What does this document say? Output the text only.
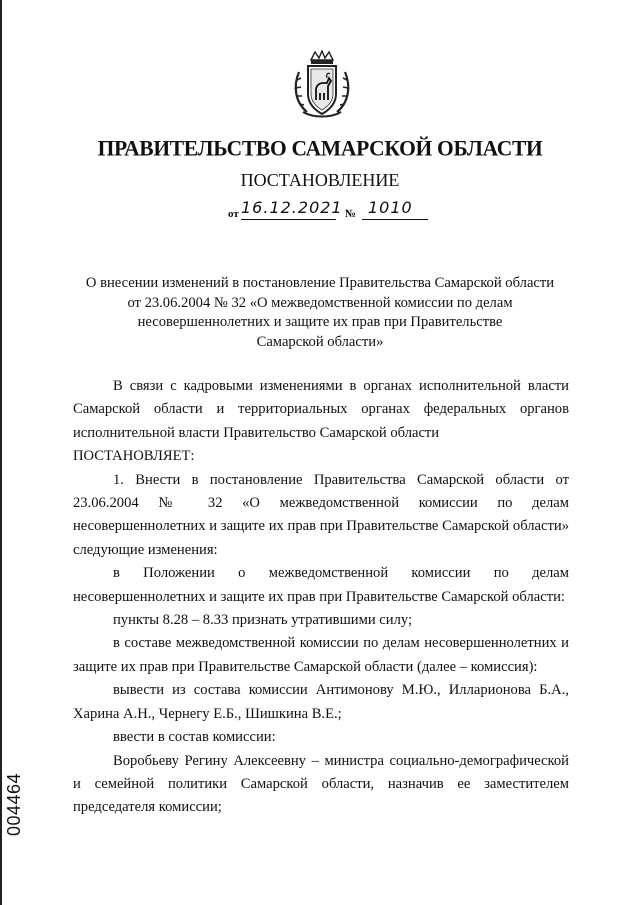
ПРАВИТЕЛЬСТВО САМАРСКОЙ ОБЛАСТИ
ПОСТАНОВЛЕНИЕ
от 16.12.2021 № 1010
О внесении изменений в постановление Правительства Самарской области
от 23.06.2004 № 32 «О межведомственной комиссии по делам
несовершеннолетних и защите их прав при Правительстве
Самарской области»

В связи с кадровыми изменениями в органах исполнительной власти Самарской области и территориальных органах федеральных органов исполнительной власти Правительство Самарской области

ПОСТАНОВЛЯЕТ:

1. Внести в постановление Правительства Самарской области от 23.06.2004 № 32 «О межведомственной комиссии по делам несовершеннолетних и защите их прав при Правительстве Самарской области» следующие изменения:

в Положении о межведомственной комиссии по делам несовершеннолетних и защите их прав при Правительстве Самарской области:

пункты 8.28 – 8.33 признать утратившими силу;

в составе межведомственной комиссии по делам несовершеннолетних и защите их прав при Правительстве Самарской области (далее – комиссия):

вывести из состава комиссии Антимонову М.Ю., Илларионова Б.А., Харина А.Н., Чернегу Е.Б., Шишкина В.Е.;

ввести в состав комиссии:

Воробьеву Регину Алексеевну – министра социально-демографической и семейной политики Самарской области, назначив ее заместителем председателя комиссии;

004464
